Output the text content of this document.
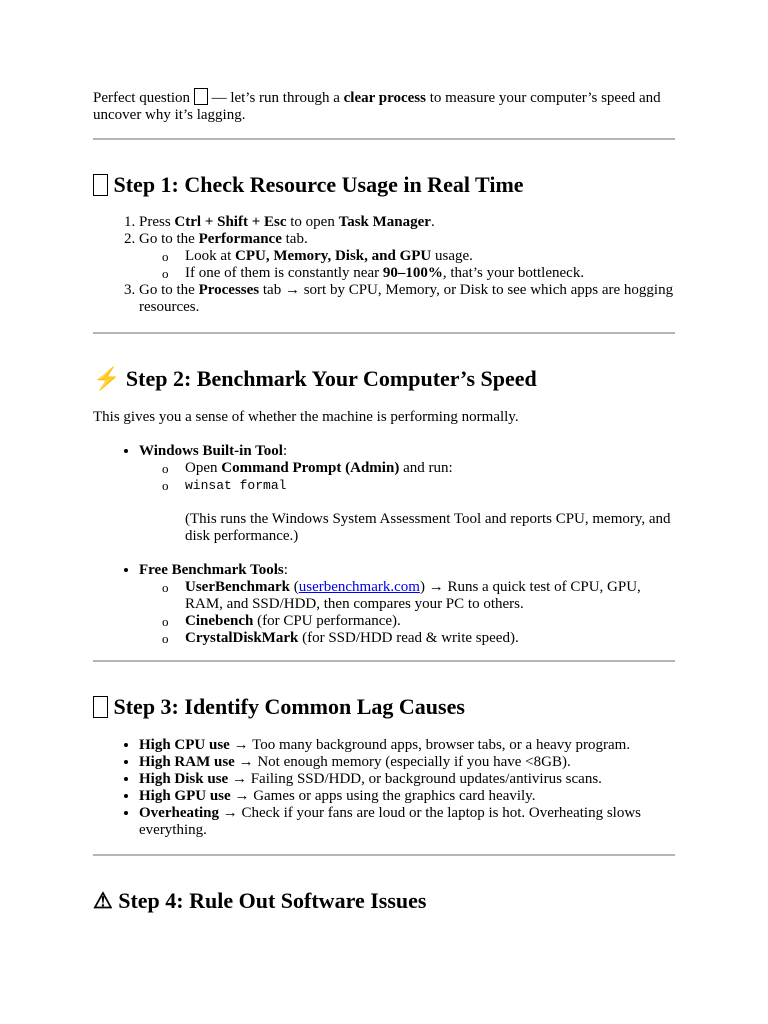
Perfect question  — let’s run through a clear process to measure your computer’s speed and uncover why it’s lagging.

Step 1: Check Resource Usage in Real Time
1. Press Ctrl + Shift + Esc to open Task Manager.
2. Go to the Performance tab.
o Look at CPU, Memory, Disk, and GPU usage.
o If one of them is constantly near 90–100%, that’s your bottleneck.
3. Go to the Processes tab → sort by CPU, Memory, or Disk to see which apps are hogging resources.
⚡ Step 2: Benchmark Your Computer’s Speed

This gives you a sense of whether the machine is performing normally.

• Windows Built-in Tool:
o Open Command Prompt (Admin) and run:
o winsat formal

(This runs the Windows System Assessment Tool and reports CPU, memory, and disk performance.)

• Free Benchmark Tools:
o UserBenchmark (userbenchmark.com) → Runs a quick test of CPU, GPU, RAM, and SSD/HDD, then compares your PC to others.
o Cinebench (for CPU performance).
o CrystalDiskMark (for SSD/HDD read & write speed).
Step 3: Identify Common Lag Causes
• High CPU use → Too many background apps, browser tabs, or a heavy program.
• High RAM use → Not enough memory (especially if you have <8GB).
• High Disk use → Failing SSD/HDD, or background updates/antivirus scans.
• High GPU use → Games or apps using the graphics card heavily.
• Overheating → Check if your fans are loud or the laptop is hot. Overheating slows everything.
⚠ Step 4: Rule Out Software Issues
